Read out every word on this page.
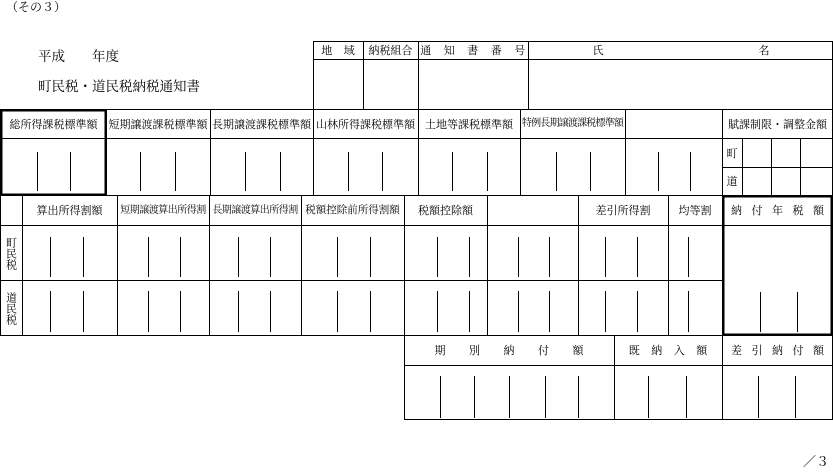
（その３）
平成　　年度
町民税・道民税納税通知書
地 域 納税組合 通 知 書 番 号	氏	名
総所得課税標準額	短期譲渡課税標準額 長期譲渡課税標準額 山林所得課税標準額 土地等課税標準額 特例長期譲渡課税標準額	賦課制限・調整金額
町
道
算出所得割額	短期譲渡算出所得割 長期譲渡算出所得割 税額控除前所得割額	税額控除額	差引所得割	均等割	納 付 年 税 額
町民税
道民税
期 別 納 付 額	既 納 入 額	差 引 納 付 額
／３
